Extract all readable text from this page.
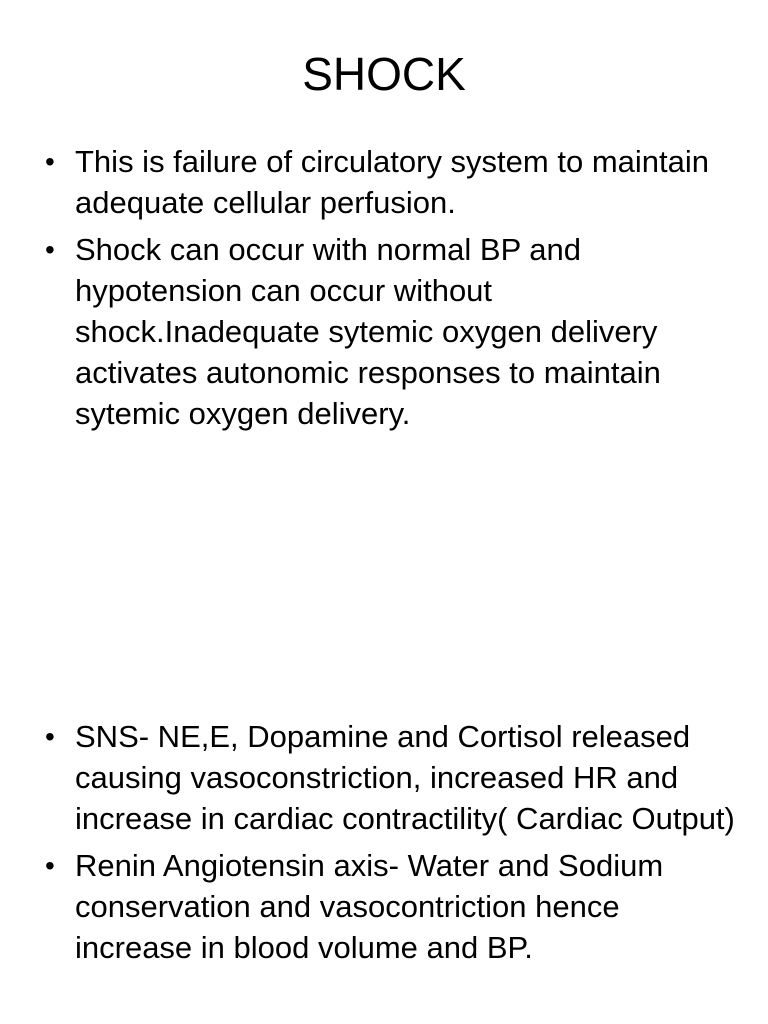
SHOCK
• This is failure of circulatory system to maintain adequate cellular perfusion.
• Shock can occur with normal BP and hypotension can occur without shock.Inadequate sytemic oxygen delivery activates autonomic responses to maintain sytemic oxygen delivery.
• SNS- NE,E, Dopamine and Cortisol released  causing vasoconstriction, increased HR and increase in cardiac contractility( Cardiac Output)
• Renin Angiotensin axis- Water and Sodium conservation and vasocontriction hence increase in blood volume and BP.
